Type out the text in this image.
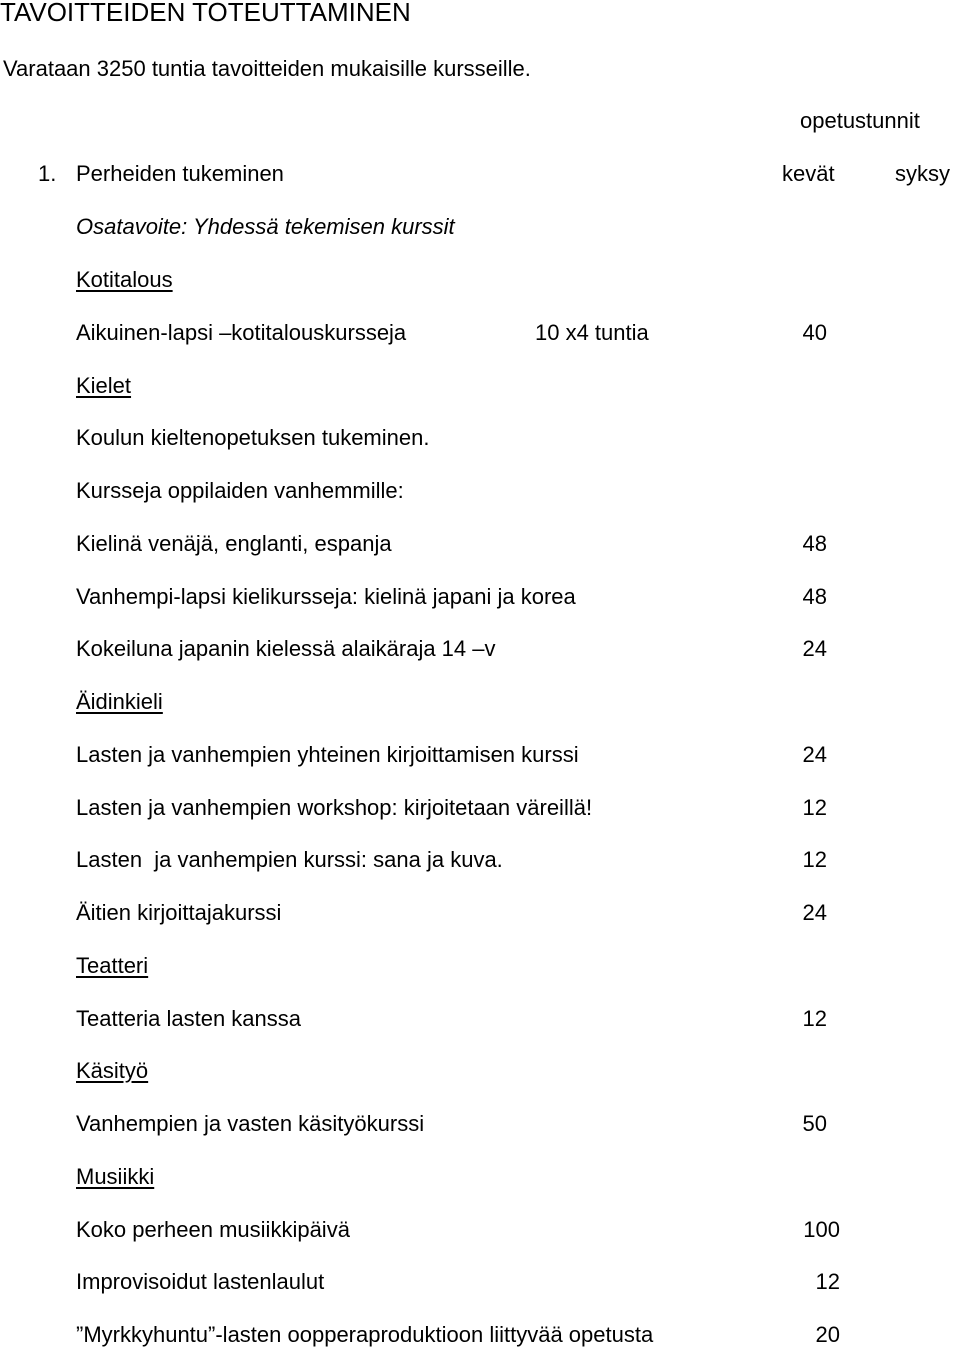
TAVOITTEIDEN TOTEUTTAMINEN
Varataan 3250 tuntia tavoitteiden mukaisille kursseille.
opetustunnit
1. Perheiden tukeminen	kevät	syksy
Osatavoite: Yhdessä tekemisen kurssit
Kotitalous
Aikuinen-lapsi –kotitalouskursseja	10 x4 tuntia	40
Kielet
Koulun kieltenopetuksen tukeminen.
Kursseja oppilaiden vanhemmille:
Kielinä venäjä, englanti, espanja	48
Vanhempi-lapsi kielikursseja: kielinä japani ja korea	48
Kokeiluna japanin kielessä alaikäraja 14 –v	24
Äidinkieli
Lasten ja vanhempien yhteinen kirjoittamisen kurssi	24
Lasten ja vanhempien workshop: kirjoitetaan väreillä!	12
Lasten  ja vanhempien kurssi: sana ja kuva.	12
Äitien kirjoittajakurssi	24
Teatteri
Teatteria lasten kanssa	12
Käsityö
Vanhempien ja vasten käsityökurssi	50
Musiikki
Koko perheen musiikkipäivä	100
Improvisoidut lastenlaulut	12
”Myrkkyhuntu”-lasten oopperaproduktioon liittyvää opetusta	20
